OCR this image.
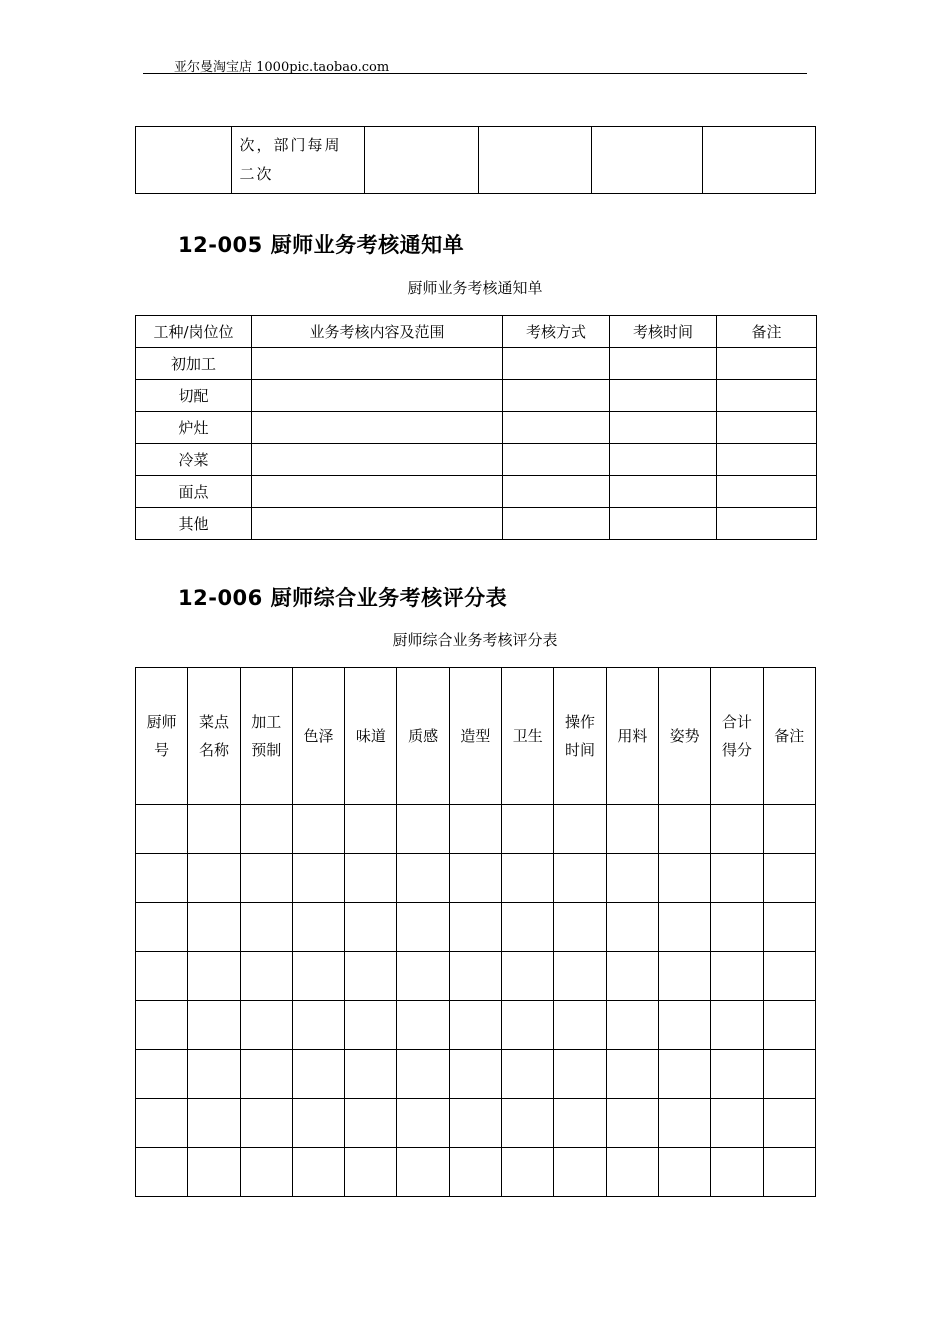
亚尔曼淘宝店 1000pic.taobao.com
	次，部门每周二次				
12-005 厨师业务考核通知单
厨师业务考核通知单
工种/岗位位	业务考核内容及范围	考核方式	考核时间	备注
初加工				
切配				
炉灶				
冷菜				
面点				
其他				
12-006 厨师综合业务考核评分表
厨师综合业务考核评分表
厨师号	菜点名称	加工预制	色泽	味道	质感	造型	卫生	操作时间	用料	姿势	合计得分	备注
